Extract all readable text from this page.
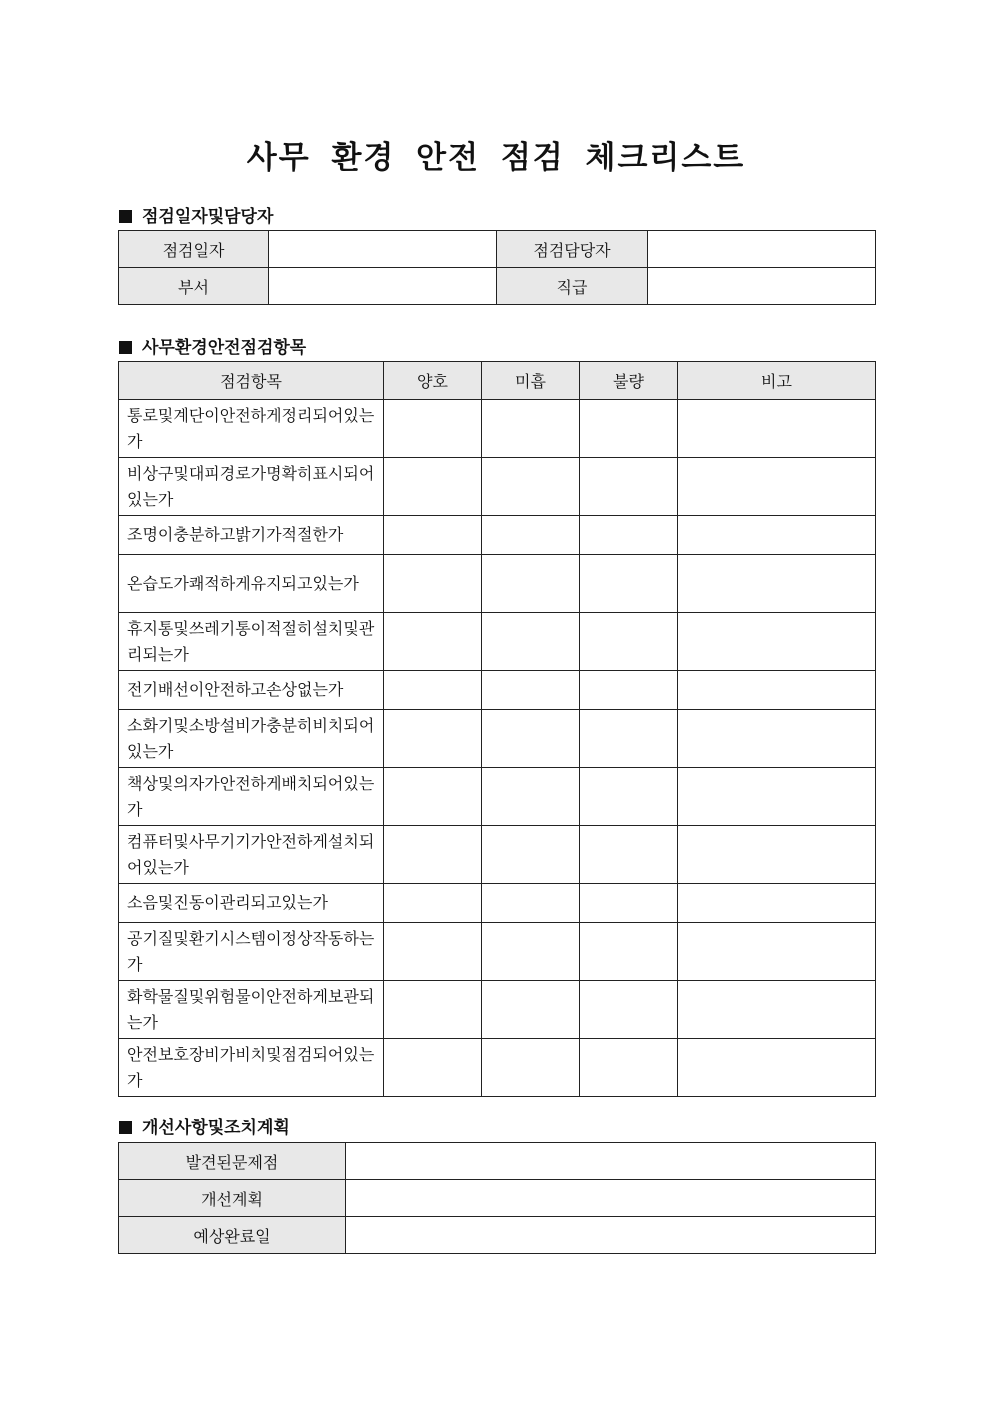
사무 환경 안전 점검 체크리스트
점검일자및담당자
점검일자		점검담당자	
부서		직급	
사무환경안전점검항목
점검항목	양호	미흡	불량	비고
통로및계단이안전하게정리되어있는가				
비상구및대피경로가명확히표시되어있는가				
조명이충분하고밝기가적절한가				
온습도가쾌적하게유지되고있는가				
휴지통및쓰레기통이적절히설치및관리되는가				
전기배선이안전하고손상없는가				
소화기및소방설비가충분히비치되어있는가				
책상및의자가안전하게배치되어있는가				
컴퓨터및사무기기가안전하게설치되어있는가				
소음및진동이관리되고있는가				
공기질및환기시스템이정상작동하는가				
화학물질및위험물이안전하게보관되는가				
안전보호장비가비치및점검되어있는가				
개선사항및조치계획
발견된문제점	
개선계획	
예상완료일	
